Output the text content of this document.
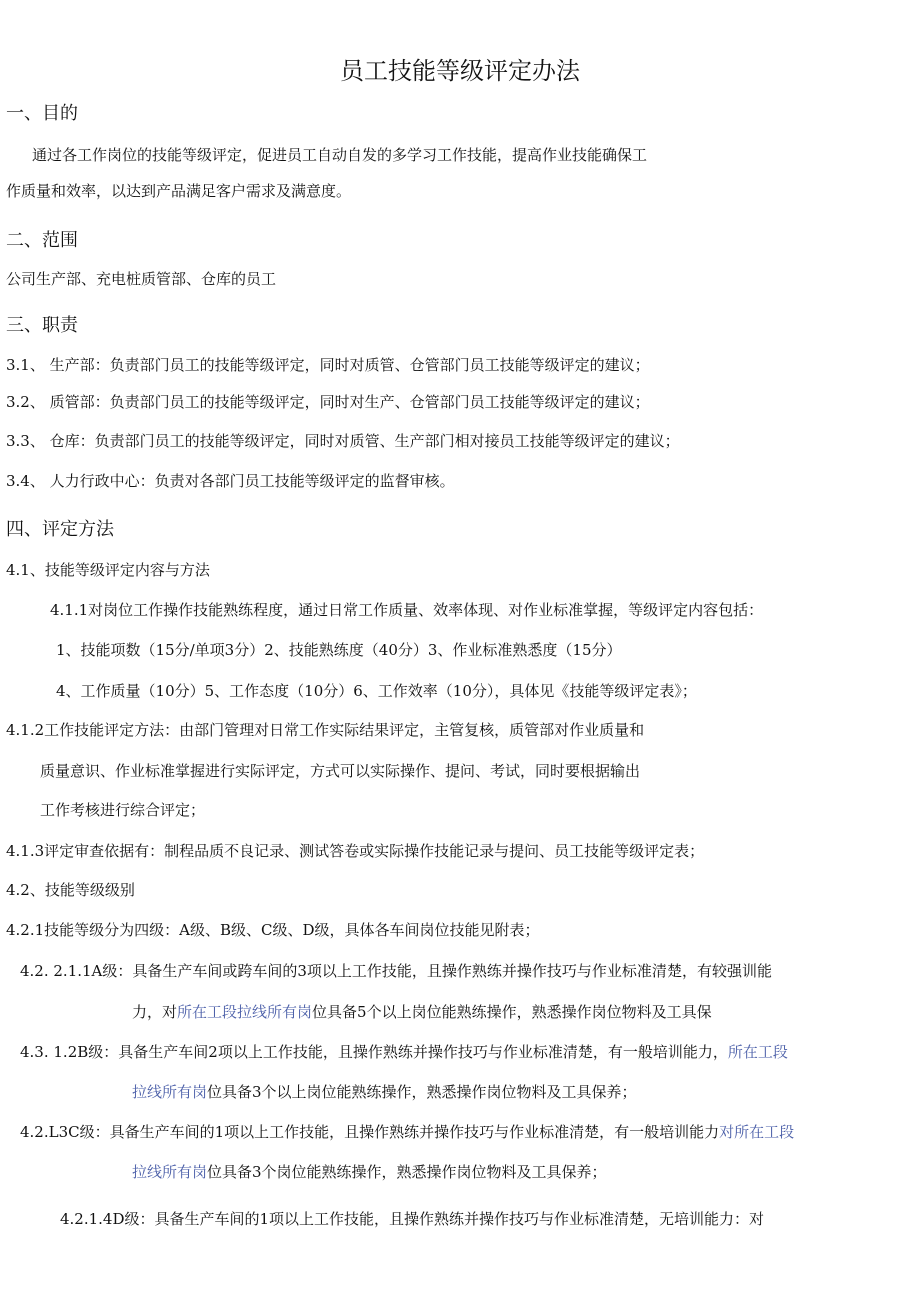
员工技能等级评定办法
一、目的
通过各工作岗位的技能等级评定，促进员工自动自发的多学习工作技能，提高作业技能确保工
作质量和效率，以达到产品满足客户需求及满意度。
二、范围
公司生产部、充电桩质管部、仓库的员工
三、职责
3.1、 生产部：负责部门员工的技能等级评定，同时对质管、仓管部门员工技能等级评定的建议；
3.2、 质管部：负责部门员工的技能等级评定，同时对生产、仓管部门员工技能等级评定的建议；
3.3、 仓库：负责部门员工的技能等级评定，同时对质管、生产部门相对接员工技能等级评定的建议；
3.4、 人力行政中心：负责对各部门员工技能等级评定的监督审核。
四、评定方法
4.1、技能等级评定内容与方法
4.1.1对岗位工作操作技能熟练程度，通过日常工作质量、效率体现、对作业标准掌握，等级评定内容包括：
1、技能项数（15分/单项3分）2、技能熟练度（40分）3、作业标准熟悉度（15分）
4、工作质量（10分）5、工作态度（10分）6、工作效率（10分），具体见《技能等级评定表》；
4.1.2工作技能评定方法：由部门管理对日常工作实际结果评定，主管复核，质管部对作业质量和
质量意识、作业标准掌握进行实际评定，方式可以实际操作、提问、考试，同时要根据输出
工作考核进行综合评定；
4.1.3评定审查依据有：制程品质不良记录、测试答卷或实际操作技能记录与提问、员工技能等级评定表；
4.2、技能等级级别
4.2.1技能等级分为四级：A级、B级、C级、D级，具体各车间岗位技能见附表；
4.2. 2.1.1A级：具备生产车间或跨车间的3项以上工作技能，且操作熟练并操作技巧与作业标准清楚，有较强训能
力，对所在工段拉线所有岗位具备5个以上岗位能熟练操作，熟悉操作岗位物料及工具保
4.3. 1.2B级：具备生产车间2项以上工作技能，且操作熟练并操作技巧与作业标准清楚，有一般培训能力，所在工段
拉线所有岗位具备3个以上岗位能熟练操作，熟悉操作岗位物料及工具保养；
4.2.L3C级：具备生产车间的1项以上工作技能，且操作熟练并操作技巧与作业标准清楚，有一般培训能力对所在工段
拉线所有岗位具备3个岗位能熟练操作，熟悉操作岗位物料及工具保养；
4.2.1.4D级：具备生产车间的1项以上工作技能，且操作熟练并操作技巧与作业标准清楚，无培训能力：对
